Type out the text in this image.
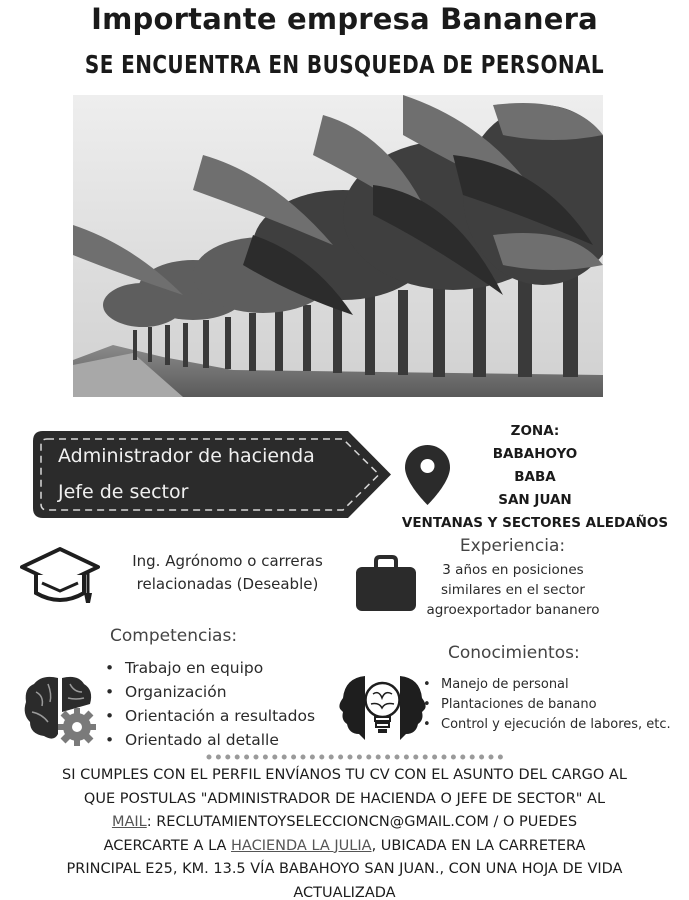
Importante empresa Bananera
SE ENCUENTRA EN BUSQUEDA DE PERSONAL
Administrador de hacienda
Jefe de sector
ZONA:
BABAHOYO
BABA
SAN JUAN
VENTANAS Y SECTORES ALEDAÑOS
Ing. Agrónomo o carreras
relacionadas (Deseable)
Experiencia:
3 años en posiciones
similares en el sector
agroexportador bananero
Competencias:
• Trabajo en equipo
• Organización
• Orientación a resultados
• Orientado al detalle
Conocimientos:
• Manejo de personal
• Plantaciones de banano
• Control y ejecución de labores, etc.
SI CUMPLES CON EL PERFIL ENVÍANOS TU CV CON EL ASUNTO DEL CARGO AL
QUE POSTULAS "ADMINISTRADOR DE HACIENDA O JEFE DE SECTOR" AL
MAIL: RECLUTAMIENTOYSELECCIONCN@GMAIL.COM / O PUEDES
ACERCARTE A LA HACIENDA LA JULIA, UBICADA EN LA CARRETERA
PRINCIPAL E25, KM. 13.5 VÍA BABAHOYO SAN JUAN., CON UNA HOJA DE VIDA
ACTUALIZADA
